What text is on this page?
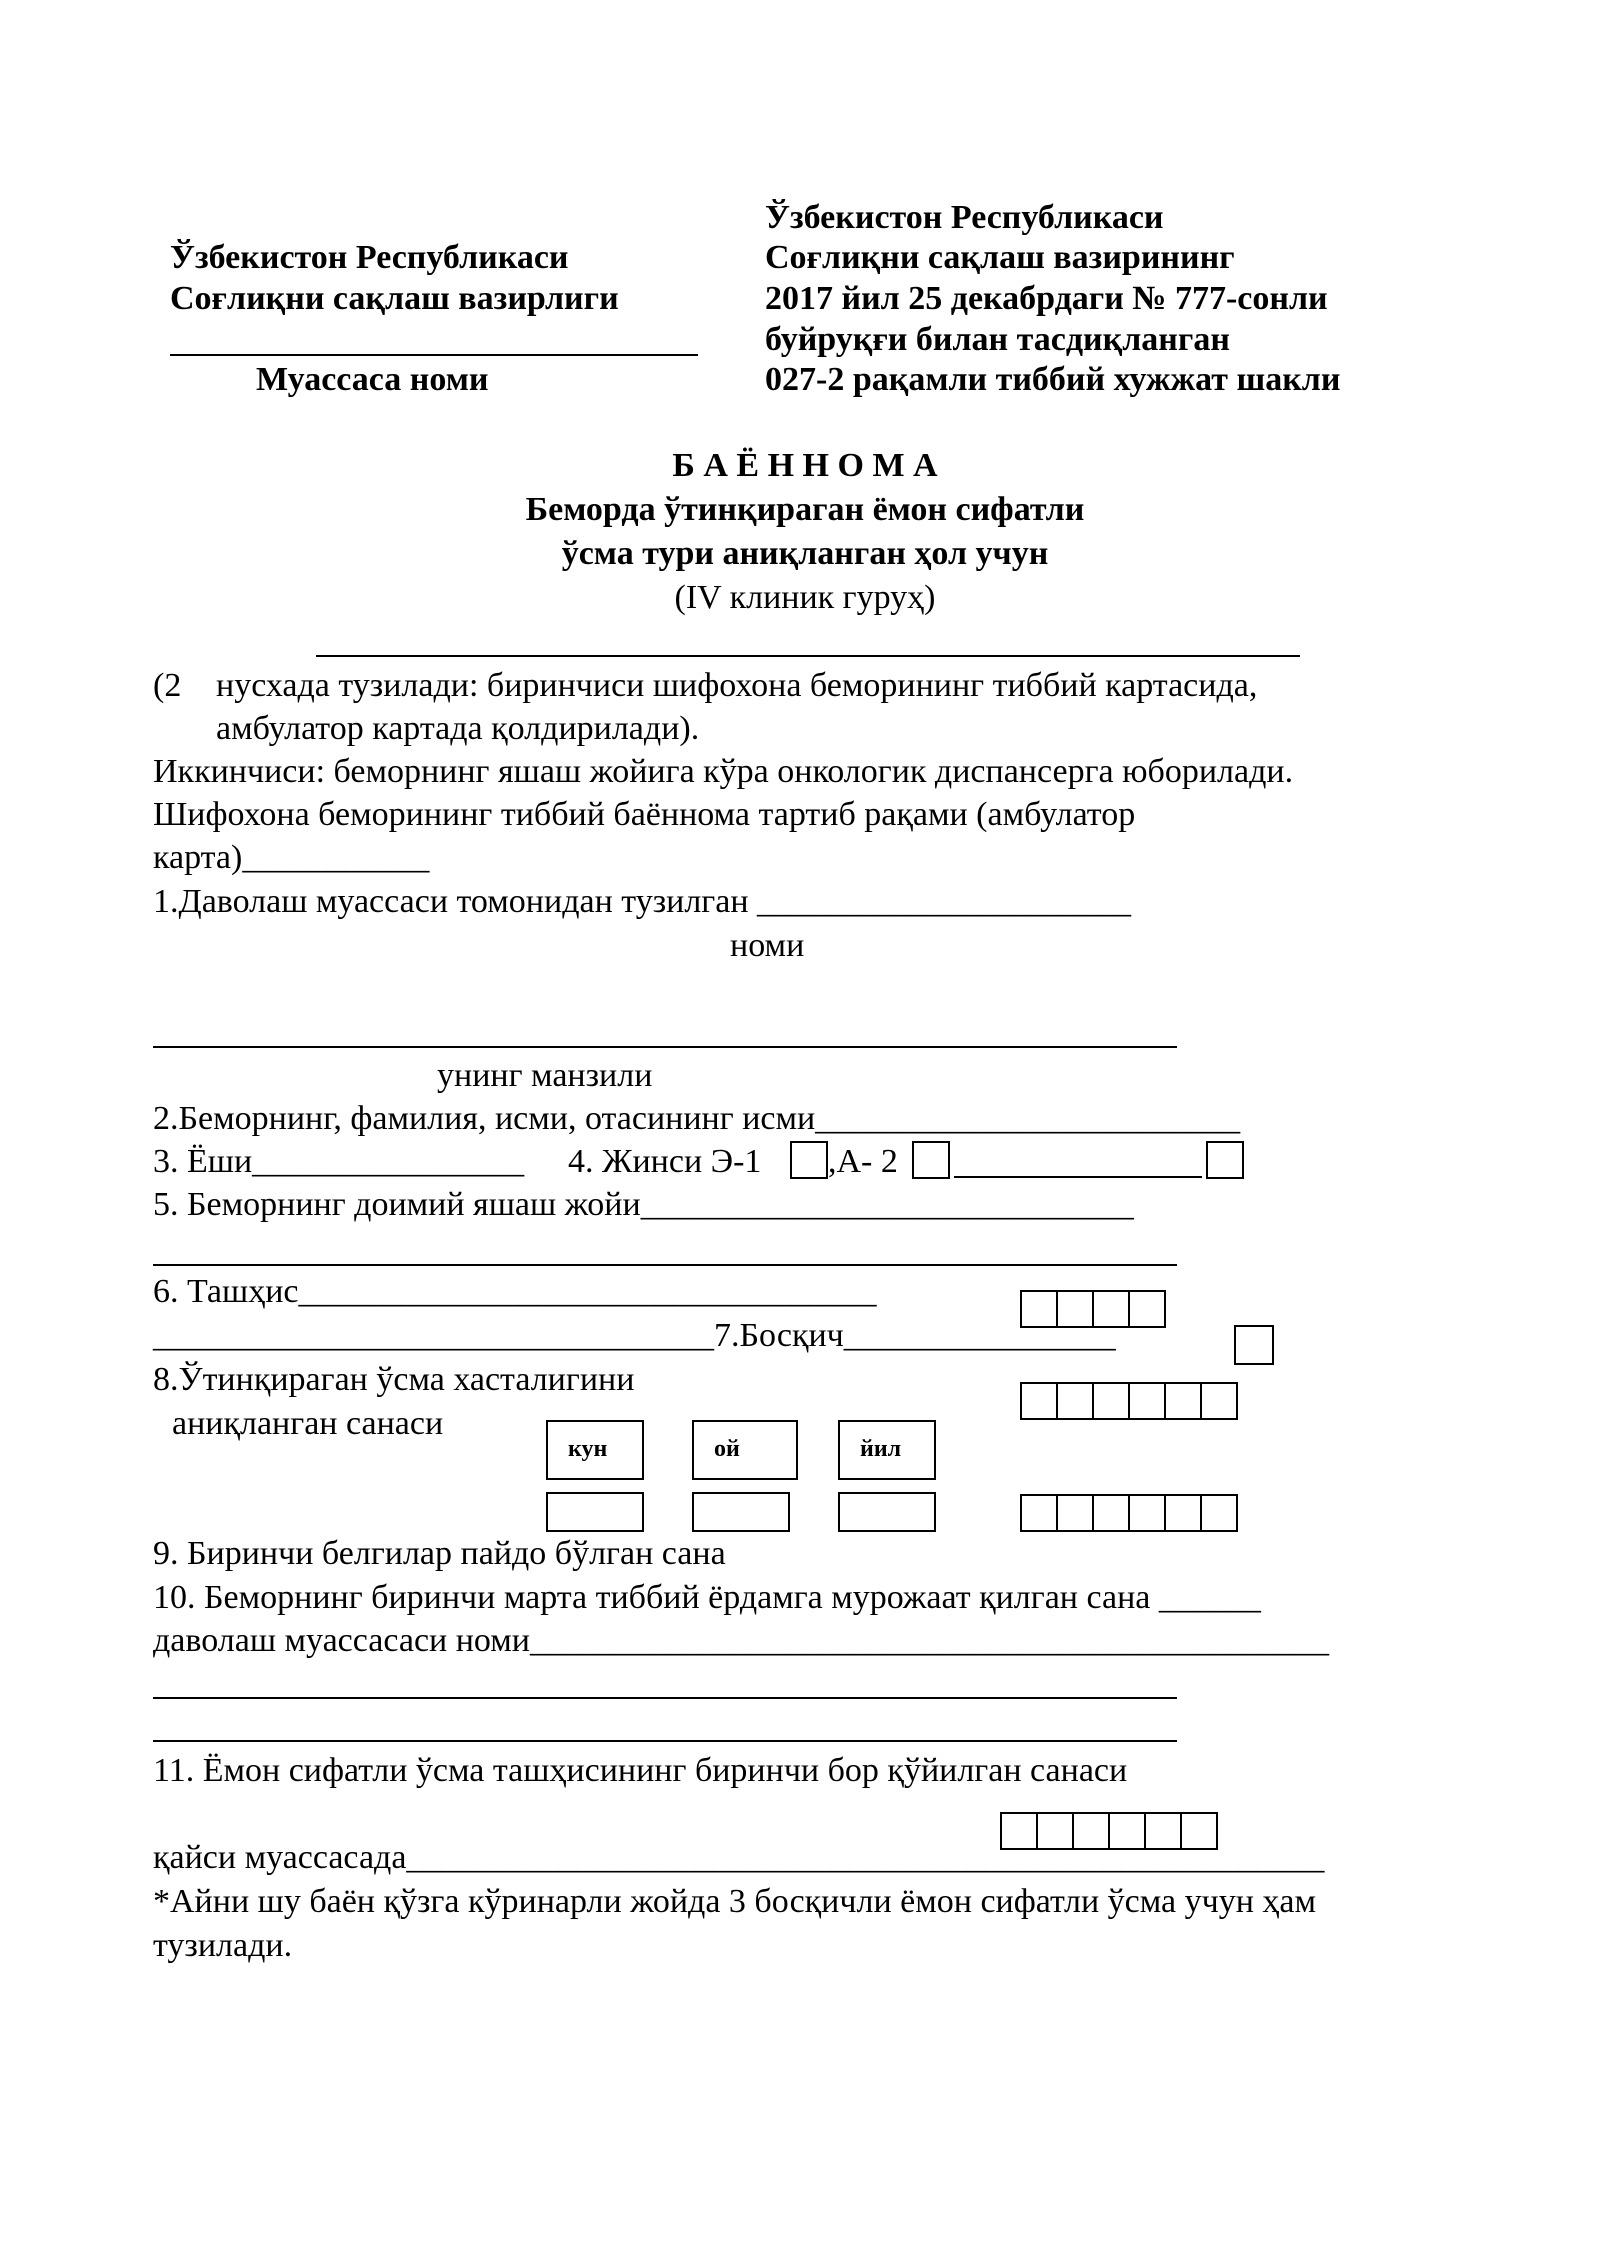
Ўзбекистон Республикаси
Соғлиқни сақлаш вазирлиги
Муассаса номи
Ўзбекистон Республикаси
Соғлиқни сақлаш вазирининг
2017 йил 25 декабрдаги № 777-сонли
буйруқғи билан тасдиқланган
027-2 рақамли тиббий хужжат шакли
Б А Ё Н Н О М А
Беморда ўтинқираган ёмон сифатли
ўсма тури аниқланган ҳол учун
(IV клиник гуруҳ)
(2 нусхада тузилади: биринчиси шифохона беморининг тиббий картасида,
амбулатор картада қолдирилади).
Иккинчиси: беморнинг яшаш жойига кўра онкологик диспансерга юборилади.
Шифохона беморининг тиббий баённома тартиб рақами (амбулатор
карта)___________
1.Даволаш муассаси томонидан тузилган ______________________
номи
унинг манзили
2.Беморнинг, фамилия, исми, отасининг исми_________________________
3. Ёши________________ 4. Жинси Э-1 ,А- 2
5. Беморнинг доимий яшаш жойи_____________________________
6. Ташҳис__________________________________
_________________________________7.Босқич________________
8.Ўтинқираган ўсма хасталигини
аниқланган санаси
кун	ой	йил
9. Биринчи белгилар пайдо бўлган сана
10. Беморнинг биринчи марта тиббий ёрдамга мурожаат қилган сана ______
даволаш муассасаси номи_______________________________________________
11. Ёмон сифатли ўсма ташҳисининг биринчи бор қўйилган санаси
қайси муассасада______________________________________________________
*Айни шу баён қўзга кўринарли жойда 3 босқичли ёмон сифатли ўсма учун ҳам
тузилади.
